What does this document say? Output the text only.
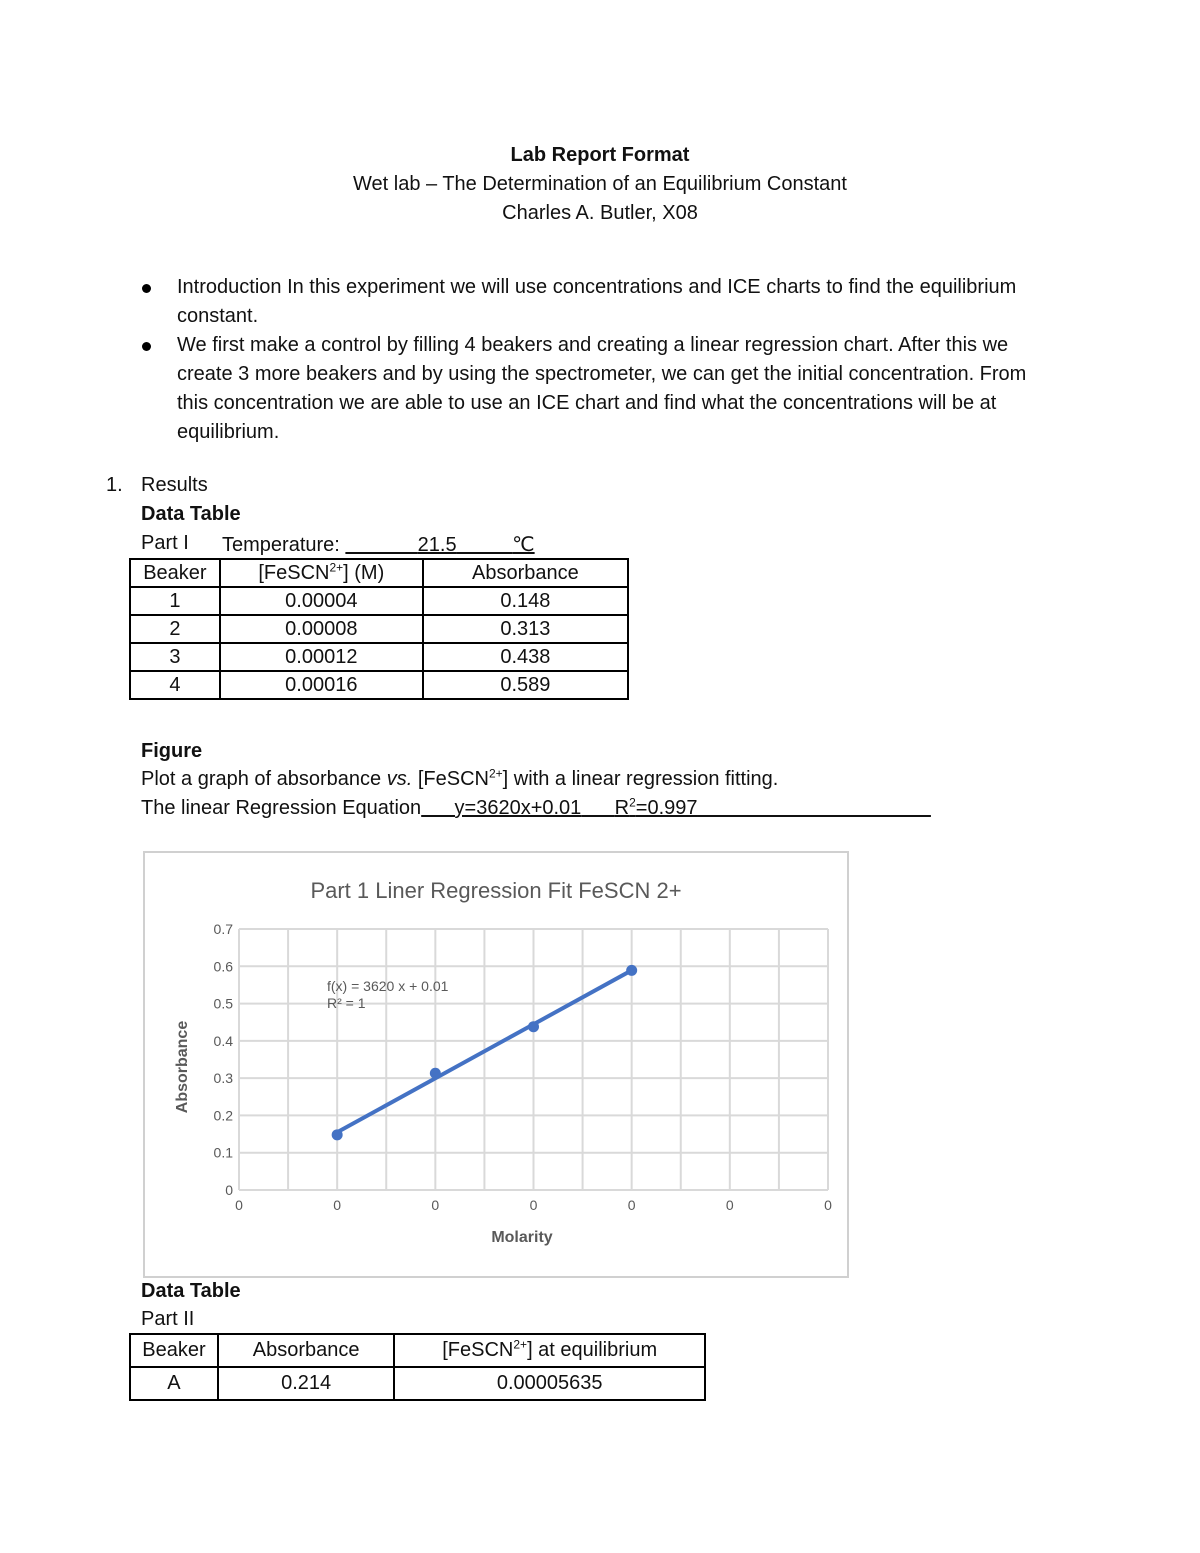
Lab Report Format
Wet lab – The Determination of an Equilibrium Constant
Charles A. Butler, X08
Introduction In this experiment we will use concentrations and ICE charts to find the equilibrium constant.
We first make a control by filling 4 beakers and creating a linear regression chart. After this we create 3 more beakers and by using the spectrometer, we can get the initial concentration. From this concentration we are able to use an ICE chart and find what the concentrations will be at equilibrium.
1. Results
Data Table
Part I Temperature:	21.5	℃
Beaker	[FeSCN$^{2+}$] (M)	Absorbance
1	0.00004	0.148
2	0.00008	0.313
3	0.00012	0.438
4	0.00016	0.589
Figure
Plot a graph of absorbance vs. [FeSCN$^{2+}$] with a linear regression fitting.
The linear Regression Equation y=3620x+0.01 $R^2=0.997$
Part 1 Liner Regression Fit FeSCN 2+
0
0.1
0.2
0.3
0.4
0.5
0.6
0.7
0	0	0	0	0	0	0
Molarity
Absorbance
f(x) = 3620 x + 0.01
R² = 1
Data Table
Part II
Beaker	Absorbance	[FeSCN$^{2+}$] at equilibrium
A	0.214	0.00005635
